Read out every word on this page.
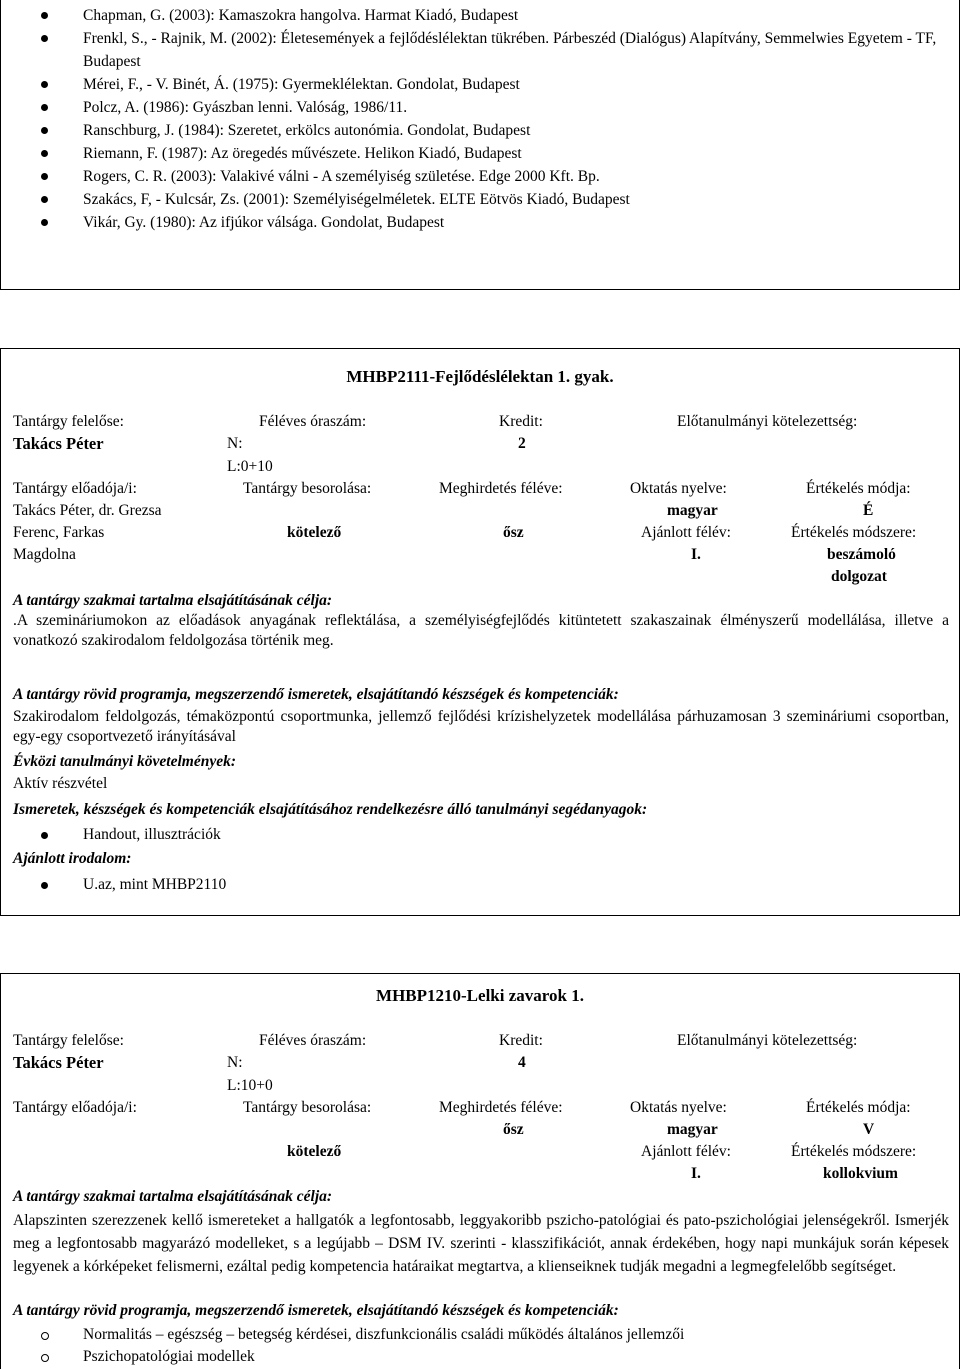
Chapman, G. (2003): Kamaszokra hangolva. Harmat Kiadó, Budapest
Frenkl, S., - Rajnik, M. (2002): Életesemények a fejlődéslélektan tükrében. Párbeszéd (Dialógus) Alapítvány, Semmelwies Egyetem - TF, Budapest
Mérei, F., - V. Binét, Á. (1975): Gyermeklélektan. Gondolat, Budapest
Polcz, A. (1986): Gyászban lenni. Valóság, 1986/11.
Ranschburg, J. (1984): Szeretet, erkölcs autonómia. Gondolat, Budapest
Riemann, F. (1987): Az öregedés művészete. Helikon Kiadó, Budapest
Rogers, C. R. (2003): Valakivé válni - A személyiség születése. Edge 2000 Kft. Bp.
Szakács, F, - Kulcsár, Zs. (2001): Személyiségelméletek. ELTE Eötvös Kiadó, Budapest
Vikár, Gy. (1980): Az ifjúkor válsága. Gondolat, Budapest
MHBP2111-Fejlődéslélektan 1. gyak.
Tantárgy felelőse:
Takács Péter
Féléves óraszám:
N:
L:0+10
Kredit:
2
Előtanulmányi kötelezettség:
Tantárgy előadója/i:
Takács Péter, dr. Grezsa
Ferenc, Farkas
Magdolna
Tantárgy besorolása:
kötelező
Meghirdetés féléve:
ősz
Oktatás nyelve:
magyar
Ajánlott félév:
I.
Értékelés módja:
É
Értékelés módszere:
beszámoló
dolgozat
A tantárgy szakmai tartalma elsajátításának célja:
.A szemináriumokon az előadások anyagának reflektálása, a személyiségfejlődés kitüntetett szakaszainak élményszerű modellálása, illetve a vonatkozó szakirodalom feldolgozása történik meg.
A tantárgy rövid programja, megszerzendő ismeretek, elsajátítandó készségek és kompetenciák:
Szakirodalom feldolgozás, témaközpontú csoportmunka, jellemző fejlődési krízishelyzetek modellálása párhuzamosan 3 szemináriumi csoportban, egy-egy csoportvezető irányításával
Évközi tanulmányi követelmények:
Aktív részvétel
Ismeretek, készségek és kompetenciák elsajátításához rendelkezésre álló tanulmányi segédanyagok:
Handout, illusztrációk
Ajánlott irodalom:
U.az, mint MHBP2110
MHBP1210-Lelki zavarok 1.
Tantárgy felelőse:
Takács Péter
Féléves óraszám:
N:
L:10+0
Kredit:
4
Előtanulmányi kötelezettség:
Tantárgy előadója/i:	Tantárgy besorolása:
kötelező
Meghirdetés féléve:
ősz
Oktatás nyelve:
magyar
Ajánlott félév:
I.
Értékelés módja:
V
Értékelés módszere:
kollokvium
A tantárgy szakmai tartalma elsajátításának célja:
Alapszinten szerezzenek kellő ismereteket a hallgatók a legfontosabb, leggyakoribb pszicho-patológiai és pato-pszichológiai jelenségekről. Ismerjék meg a legfontosabb magyarázó modelleket, s a legújabb – DSM IV. szerinti - klasszifikációt, annak érdekében, hogy napi munkájuk során képesek legyenek a kórképeket felismerni, ezáltal pedig kompetencia határaikat megtartva, a klienseiknek tudják megadni a legmegfelelőbb segítséget.
A tantárgy rövid programja, megszerzendő ismeretek, elsajátítandó készségek és kompetenciák:
Normalitás – egészség – betegség kérdései, diszfunkcionális családi működés általános jellemzői
Pszichopatológiai modellek
